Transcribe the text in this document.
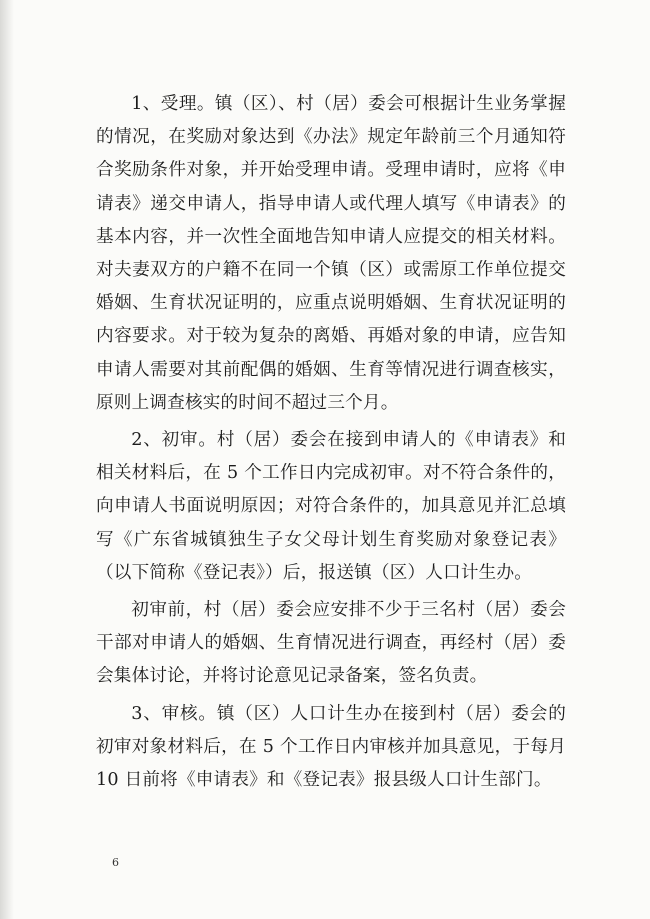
1、受理。镇（区）、村（居）委会可根据计生业务掌握的情况，在奖励对象达到《办法》规定年龄前三个月通知符合奖励条件对象，并开始受理申请。受理申请时，应将《申请表》递交申请人，指导申请人或代理人填写《申请表》的基本内容，并一次性全面地告知申请人应提交的相关材料。对夫妻双方的户籍不在同一个镇（区）或需原工作单位提交婚姻、生育状况证明的，应重点说明婚姻、生育状况证明的内容要求。对于较为复杂的离婚、再婚对象的申请，应告知申请人需要对其前配偶的婚姻、生育等情况进行调查核实，原则上调查核实的时间不超过三个月。

2、初审。村（居）委会在接到申请人的《申请表》和相关材料后，在 5 个工作日内完成初审。对不符合条件的，向申请人书面说明原因；对符合条件的，加具意见并汇总填写《广东省城镇独生子女父母计划生育奖励对象登记表》（以下简称《登记表》）后，报送镇（区）人口计生办。

初审前，村（居）委会应安排不少于三名村（居）委会干部对申请人的婚姻、生育情况进行调查，再经村（居）委会集体讨论，并将讨论意见记录备案，签名负责。

3、审核。镇（区）人口计生办在接到村（居）委会的初审对象材料后，在 5 个工作日内审核并加具意见，于每月 10 日前将《申请表》和《登记表》报县级人口计生部门。

6
